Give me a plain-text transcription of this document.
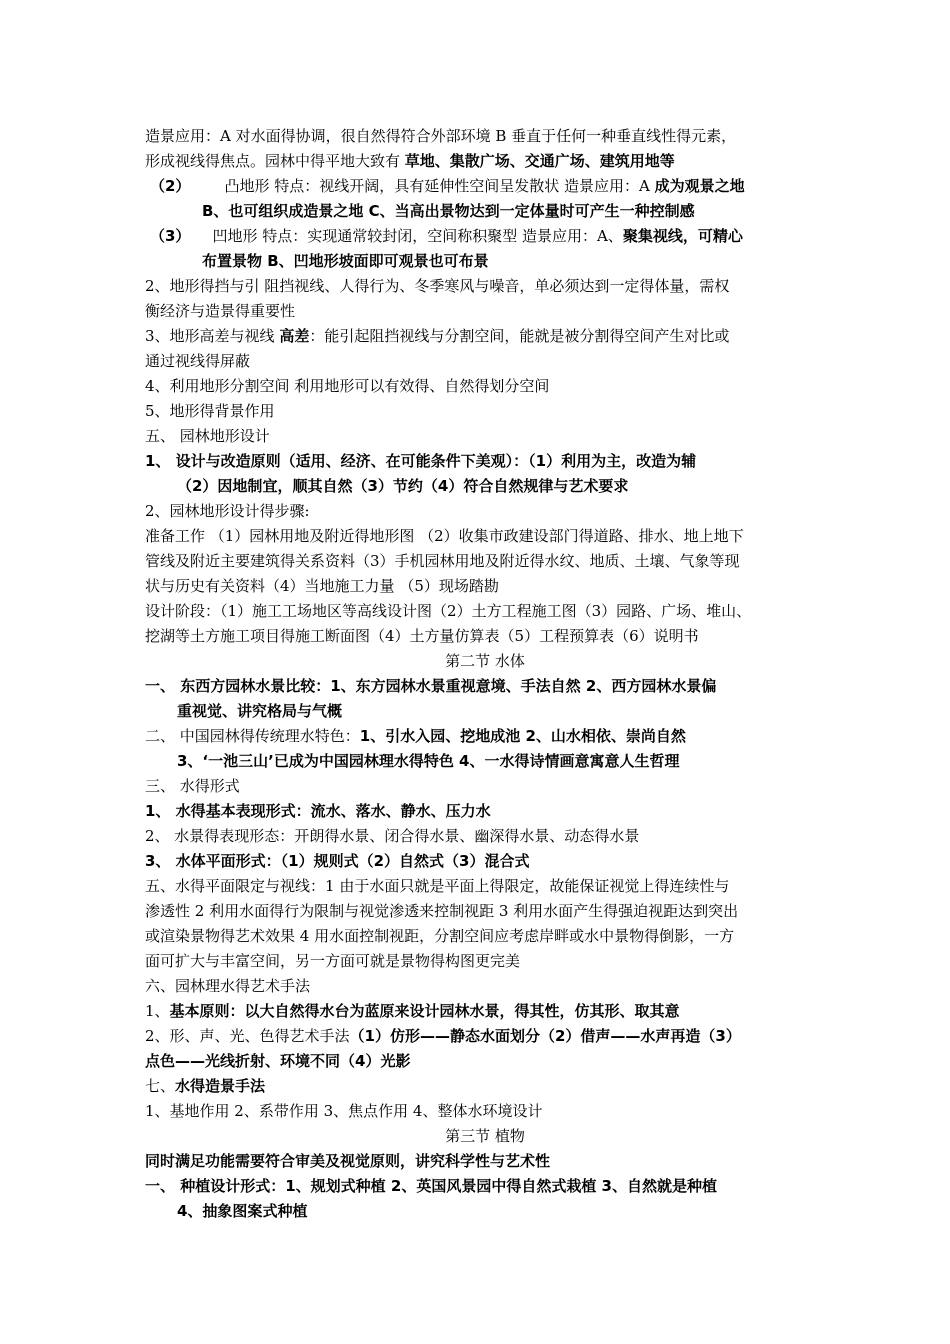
造景应用：A 对水面得协调，很自然得符合外部环境 B 垂直于任何一种垂直线性得元素，
形成视线得焦点。园林中得平地大致有 草地、集散广场、交通广场、建筑用地等
（2） 凸地形 特点：视线开阔，具有延伸性空间呈发散状 造景应用：A 成为观景之地
B、也可组织成造景之地 C、当高出景物达到一定体量时可产生一种控制感
（3） 凹地形 特点：实现通常较封闭，空间称积聚型 造景应用：A、聚集视线，可精心
布置景物 B、凹地形坡面即可观景也可布景
2、地形得挡与引 阻挡视线、人得行为、冬季寒风与噪音，单必须达到一定得体量，需权
衡经济与造景得重要性
3、地形高差与视线 高差：能引起阻挡视线与分割空间，能就是被分割得空间产生对比或
通过视线得屏蔽
4、利用地形分割空间 利用地形可以有效得、自然得划分空间
5、地形得背景作用
五、 园林地形设计
1、 设计与改造原则（适用、经济、在可能条件下美观）：（1）利用为主，改造为辅
（2）因地制宜，顺其自然（3）节约（4）符合自然规律与艺术要求
2、园林地形设计得步骤:
准备工作 （1）园林用地及附近得地形图 （2）收集市政建设部门得道路、排水、地上地下
管线及附近主要建筑得关系资料（3）手机园林用地及附近得水纹、地质、土壤、气象等现
状与历史有关资料（4）当地施工力量 （5）现场踏勘
设计阶段：（1）施工工场地区等高线设计图（2）土方工程施工图（3）园路、广场、堆山、
挖湖等土方施工项目得施工断面图（4）土方量仿算表（5）工程预算表（6）说明书
第二节 水体
一、 东西方园林水景比较：1、东方园林水景重视意境、手法自然 2、西方园林水景偏
重视觉、讲究格局与气概
二、 中国园林得传统理水特色：1、引水入园、挖地成池 2、山水相依、崇尚自然
3、‘一池三山’已成为中国园林理水得特色 4、一水得诗情画意寓意人生哲理
三、 水得形式
1、 水得基本表现形式：流水、落水、静水、压力水
2、 水景得表现形态：开朗得水景、闭合得水景、幽深得水景、动态得水景
3、 水体平面形式：（1）规则式（2）自然式（3）混合式
五、水得平面限定与视线：1 由于水面只就是平面上得限定，故能保证视觉上得连续性与
渗透性 2 利用水面得行为限制与视觉渗透来控制视距 3 利用水面产生得强迫视距达到突出
或渲染景物得艺术效果 4 用水面控制视距，分割空间应考虑岸畔或水中景物得倒影，一方
面可扩大与丰富空间，另一方面可就是景物得构图更完美
六、园林理水得艺术手法
1、基本原则：以大自然得水台为蓝原来设计园林水景，得其性，仿其形、取其意
2、形、声、光、色得艺术手法（1）仿形——静态水面划分（2）借声——水声再造（3）
点色——光线折射、环境不同（4）光影
七、水得造景手法
1、基地作用 2、系带作用 3、焦点作用 4、整体水环境设计
第三节 植物
同时满足功能需要符合审美及视觉原则，讲究科学性与艺术性
一、 种植设计形式：1、规划式种植 2、英国风景园中得自然式栽植 3、自然就是种植
4、抽象图案式种植
